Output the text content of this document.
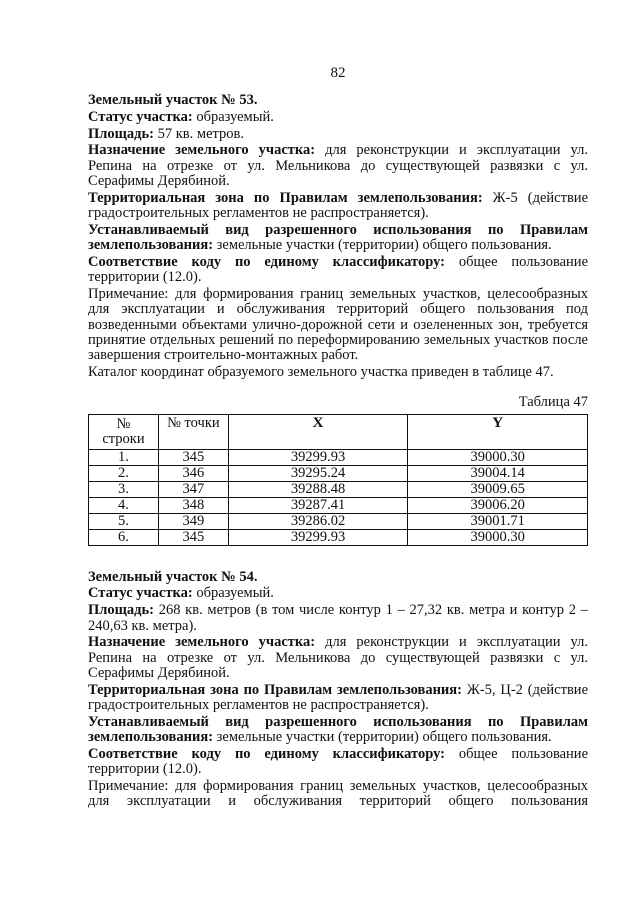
82

Земельный участок № 53.

Статус участка: образуемый.

Площадь: 57 кв. метров.

Назначение земельного участка: для реконструкции и эксплуатации ул. Репина на отрезке от ул. Мельникова до существующей развязки с ул. Серафимы Дерябиной.

Территориальная зона по Правилам землепользования: Ж-5 (действие градостроительных регламентов не распространяется).

Устанавливаемый вид разрешенного использования по Правилам землепользования: земельные участки (территории) общего пользования.

Соответствие коду по единому классификатору: общее пользование территории (12.0).

Примечание: для формирования границ земельных участков, целесообразных для эксплуатации и обслуживания территорий общего пользования под возведенными объектами улично-дорожной сети и озелененных зон, требуется принятие отдельных решений по переформированию земельных участков после завершения строительно-монтажных работ.

Каталог координат образуемого земельного участка приведен в таблице 47.

Таблица 47
№ строки	№ точки	X	Y
1.	345	39299.93	39000.30
2.	346	39295.24	39004.14
3.	347	39288.48	39009.65
4.	348	39287.41	39006.20
5.	349	39286.02	39001.71
6.	345	39299.93	39000.30

Земельный участок № 54.

Статус участка: образуемый.

Площадь: 268 кв. метров (в том числе контур 1 – 27,32 кв. метра и контур 2 – 240,63 кв. метра).

Назначение земельного участка: для реконструкции и эксплуатации ул. Репина на отрезке от ул. Мельникова до существующей развязки с ул. Серафимы Дерябиной.

Территориальная зона по Правилам землепользования: Ж-5, Ц-2 (действие градостроительных регламентов не распространяется).

Устанавливаемый вид разрешенного использования по Правилам землепользования: земельные участки (территории) общего пользования.

Соответствие коду по единому классификатору: общее пользование территории (12.0).

Примечание: для формирования границ земельных участков, целесообразных для эксплуатации и обслуживания территорий общего пользования
